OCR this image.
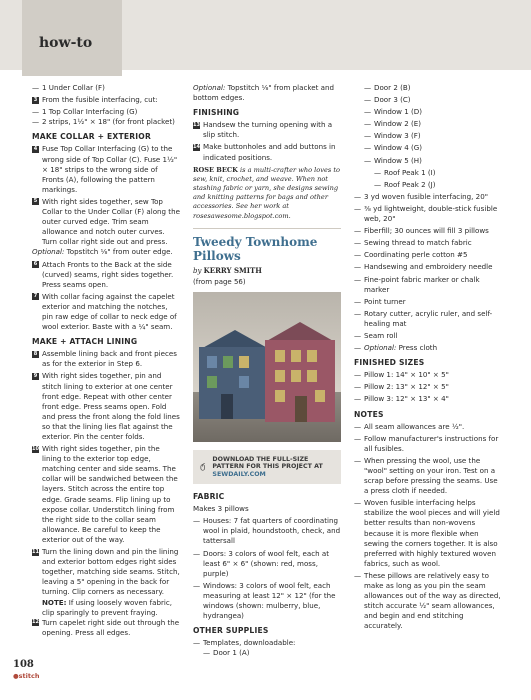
how-to
— 1 Under Collar (F)
3 From the fusible interfacing, cut:
— 1 Top Collar Interfacing (G)
— 2 strips, 1½" × 18" (for front placket)
MAKE COLLAR + EXTERIOR
4 Fuse Top Collar Interfacing (G) to the wrong side of Top Collar (C). Fuse 1½" × 18" strips to the wrong side of Fronts (A), following the pattern markings.
5 With right sides together, sew Top Collar to the Under Collar (F) along the outer curved edge. Trim seam allowance and notch outer curves. Turn collar right side out and press.
Optional: Topstitch ⅛" from outer edge.
6 Attach Fronts to the Back at the side (curved) seams, right sides together. Press seams open.
7 With collar facing against the capelet exterior and matching the notches, pin raw edge of collar to neck edge of wool exterior. Baste with a ¼" seam.
MAKE + ATTACH LINING
8 Assemble lining back and front pieces as for the exterior in Step 6.
9 With right sides together, pin and stitch lining to exterior at one center front edge. Repeat with other center front edge. Press seams open. Fold and press the front along the fold lines so that the lining lies flat against the exterior. Pin the center folds.
10 With right sides together, pin the lining to the exterior top edge, matching center and side seams. The collar will be sandwiched between the layers. Stitch across the entire top edge. Grade seams. Flip lining up to expose collar. Understitch lining from the right side to the collar seam allowance. Be careful to keep the exterior out of the way.
11 Turn the lining down and pin the lining and exterior bottom edges right sides together, matching side seams. Stitch, leaving a 5" opening in the back for turning. Clip corners as necessary. NOTE: If using loosely woven fabric, clip sparingly to prevent fraying.
12 Turn capelet right side out through the opening. Press all edges.
Optional: Topstitch ⅛" from placket and bottom edges.
FINISHING
13 Handsew the turning opening with a slip stitch.
14 Make buttonholes and add buttons in indicated positions.
ROSE BECK is a multi-crafter who loves to sew, knit, crochet, and weave. When not stashing fabric or yarn, she designs sewing and knitting patterns for bags and other accessories. See her work at rosesawesome.blogspot.com.
Tweedy Townhome Pillows
by KERRY SMITH
(from page 56)
DOWNLOAD THE FULL-SIZE PATTERN FOR THIS PROJECT AT SEWDAILY.COM
FABRIC
Makes 3 pillows
— Houses: 7 fat quarters of coordinating wool in plaid, houndstooth, check, and tattersall
— Doors: 3 colors of wool felt, each at least 6" × 6" (shown: red, moss, purple)
— Windows: 3 colors of wool felt, each measuring at least 12" × 12" (for the windows (shown: mulberry, blue, hydrangea)
OTHER SUPPLIES
— Templates, downloadable:
— Door 1 (A)
— Door 2 (B)
— Door 3 (C)
— Window 1 (D)
— Window 2 (E)
— Window 3 (F)
— Window 4 (G)
— Window 5 (H)
— Roof Peak 1 (I)
— Roof Peak 2 (J)
— 3 yd woven fusible interfacing, 20"
— ⅜ yd lightweight, double-stick fusible web, 20"
— Fiberfill; 30 ounces will fill 3 pillows
— Sewing thread to match fabric
— Coordinating perle cotton #5
— Handsewing and embroidery needle
— Fine-point fabric marker or chalk marker
— Point turner
— Rotary cutter, acrylic ruler, and self-healing mat
— Seam roll
— Optional: Press cloth
FINISHED SIZES
— Pillow 1: 14" × 10" × 5"
— Pillow 2: 13" × 12" × 5"
— Pillow 3: 12" × 13" × 4"
NOTES
— All seam allowances are ½".
— Follow manufacturer's instructions for all fusibles.
— When pressing the wool, use the "wool" setting on your iron. Test on a scrap before pressing the seams. Use a press cloth if needed.
— Woven fusible interfacing helps stabilize the wool pieces and will yield better results than non-wovens because it is more flexible when sewing the corners together. It is also preferred with highly textured woven fabrics, such as wool.
— These pillows are relatively easy to make as long as you pin the seam allowances out of the way as directed, stitch accurate ½" seam allowances, and begin and end stitching accurately.
108
●stitch
